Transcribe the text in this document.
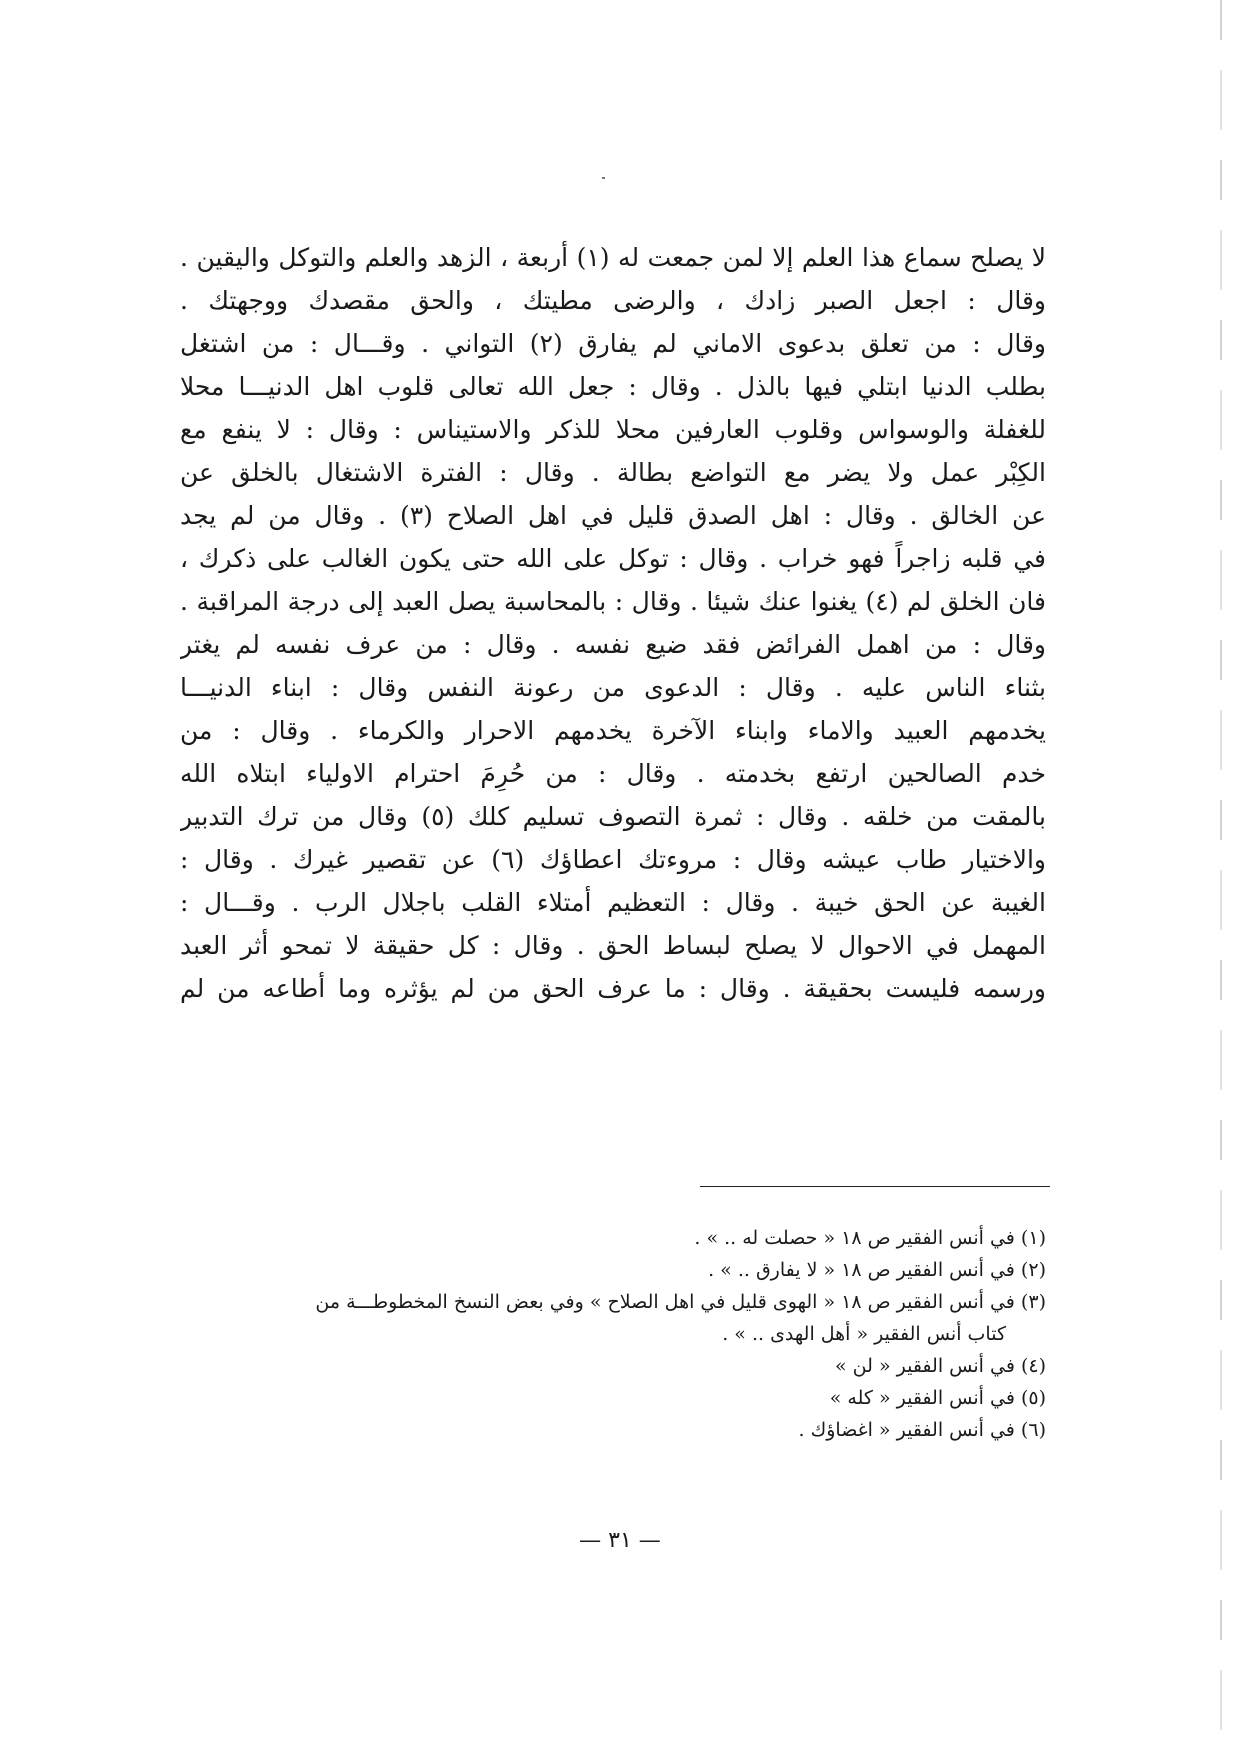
لا يصلح سماع هذا العلم إلا لمن جمعت له (١) أربعة ، الزهد والعلم والتوكل واليقين .
وقال : اجعل الصبر زادك ، والرضى مطيتك ، والحق مقصدك ووجهتك .
وقال : من تعلق بدعوى الاماني لم يفارق (٢) التواني . وقـــال : من اشتغل
بطلب الدنيا ابتلي فيها بالذل . وقال : جعل الله تعالى قلوب اهل الدنيـــا محلا
للغفلة والوسواس وقلوب العارفين محلا للذكر والاستيناس : وقال : لا ينفع مع
الكِبْر عمل ولا يضر مع التواضع بطالة . وقال : الفترة الاشتغال بالخلق عن
عن الخالق . وقال : اهل الصدق قليل في اهل الصلاح (٣) . وقال من لم يجد
في قلبه زاجراً فهو خراب . وقال : توكل على الله حتى يكون الغالب على ذكرك ،
فان الخلق لم (٤) يغنوا عنك شيئا . وقال : بالمحاسبة يصل العبد إلى درجة المراقبة .
وقال : من اهمل الفرائض فقد ضيع نفسه . وقال : من عرف نفسه لم يغتر
بثناء الناس عليه . وقال : الدعوى من رعونة النفس وقال : ابناء الدنيـــا
يخدمهم العبيد والاماء وابناء الآخرة يخدمهم الاحرار والكرماء . وقال : من
خدم الصالحين ارتفع بخدمته . وقال : من حُرِمَ احترام الاولياء ابتلاه الله
بالمقت من خلقه . وقال : ثمرة التصوف تسليم كلك (٥) وقال من ترك التدبير
والاختيار طاب عيشه وقال : مروءتك اعطاؤك (٦) عن تقصير غيرك . وقال :
الغيبة عن الحق خيبة . وقال : التعظيم أمتلاء القلب باجلال الرب . وقـــال :
المهمل في الاحوال لا يصلح لبساط الحق . وقال : كل حقيقة لا تمحو أثر العبد
ورسمه فليست بحقيقة . وقال : ما عرف الحق من لم يؤثره وما أطاعه من لم
(١) في أنس الفقير ص ١٨ « حصلت له .. » .
(٢) في أنس الفقير ص ١٨ « لا يفارق .. » .
(٣) في أنس الفقير ص ١٨ « الهوى قليل في اهل الصلاح » وفي بعض النسخ المخطوطـــة من
كتاب أنس الفقير « أهل الهدى .. » .
(٤) في أنس الفقير « لن »
(٥) في أنس الفقير « كله »
(٦) في أنس الفقير « اغضاؤك .
— ٣١ —
